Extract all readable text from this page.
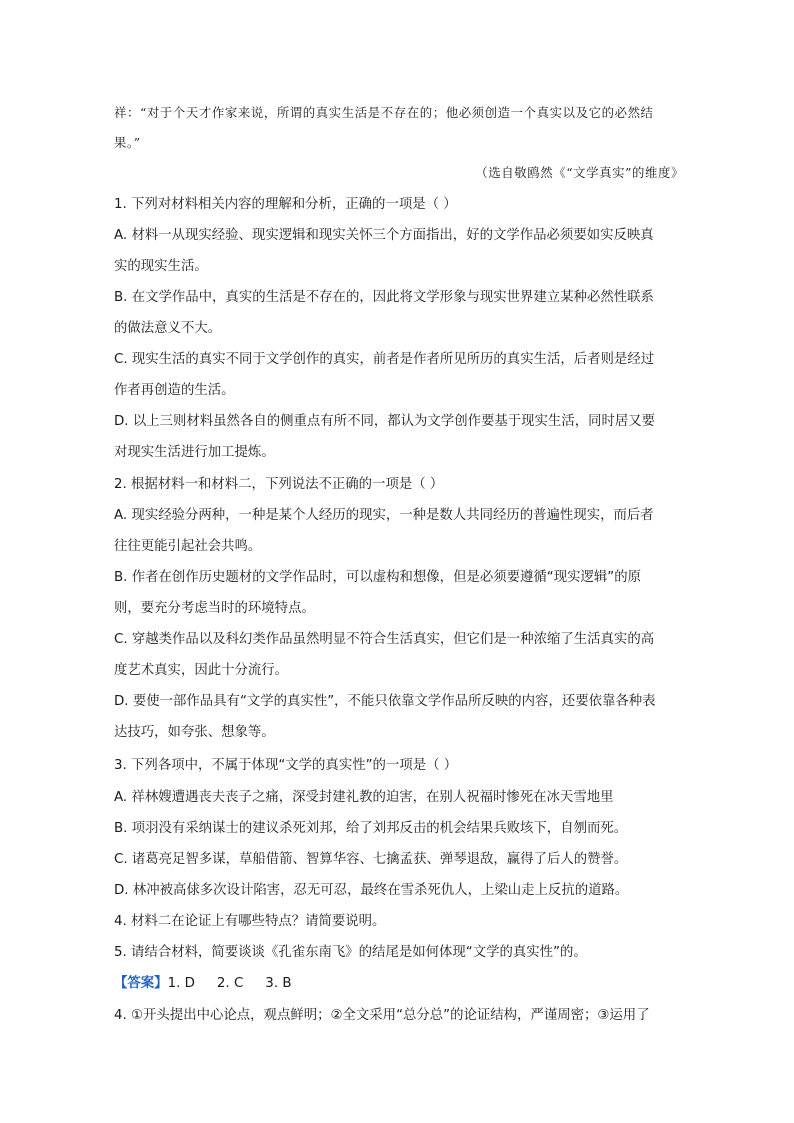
祥：“对于个天才作家来说，所谓的真实生活是不存在的；他必须创造一个真实以及它的必然结
果。”
（选自敬鸥然《“文学真实”的维度》
1. 下列对材料相关内容的理解和分析，正确的一项是（ ）
A. 材料一从现实经验、现实逻辑和现实关怀三个方面指出，好的文学作品必须要如实反映真
实的现实生活。
B. 在文学作品中，真实的生活是不存在的，因此将文学形象与现实世界建立某种必然性联系
的做法意义不大。
C. 现实生活的真实不同于文学创作的真实，前者是作者所见所历的真实生活，后者则是经过
作者再创造的生活。
D. 以上三则材料虽然各自的侧重点有所不同，都认为文学创作要基于现实生活，同时居又要
对现实生活进行加工提炼。
2. 根据材料一和材料二，下列说法不正确的一项是（ ）
A. 现实经验分两种，一种是某个人经历的现实，一种是数人共同经历的普遍性现实，而后者
往往更能引起社会共鸣。
B. 作者在创作历史题材的文学作品时，可以虚构和想像，但是必须要遵循“现实逻辑”的原
则，要充分考虑当时的环境特点。
C. 穿越类作品以及科幻类作品虽然明显不符合生活真实，但它们是一种浓缩了生活真实的高
度艺术真实，因此十分流行。
D. 要使一部作品具有“文学的真实性”，不能只依靠文学作品所反映的内容，还要依靠各种表
达技巧，如夸张、想象等。
3. 下列各项中，不属于体现“文学的真实性”的一项是（ ）
A. 祥林嫂遭遇丧夫丧子之痛，深受封建礼教的迫害，在别人祝福时惨死在冰天雪地里
B. 项羽没有采纳谋士的建议杀死刘邦，给了刘邦反击的机会结果兵败垓下，自刎而死。
C. 诸葛亮足智多谋，草船借箭、智算华容、七擒孟获、弹琴退敌，赢得了后人的赞誉。
D. 林冲被高俅多次设计陷害，忍无可忍，最终在雪杀死仇人，上梁山走上反抗的道路。
4. 材料二在论证上有哪些特点？请简要说明。
5. 请结合材料，简要谈谈《孔雀东南飞》的结尾是如何体现“文学的真实性”的。
【答案】1. D 2. C 3. B
4. ①开头提出中心论点，观点鲜明；②全文采用“总分总”的论证结构，严谨周密；③运用了
